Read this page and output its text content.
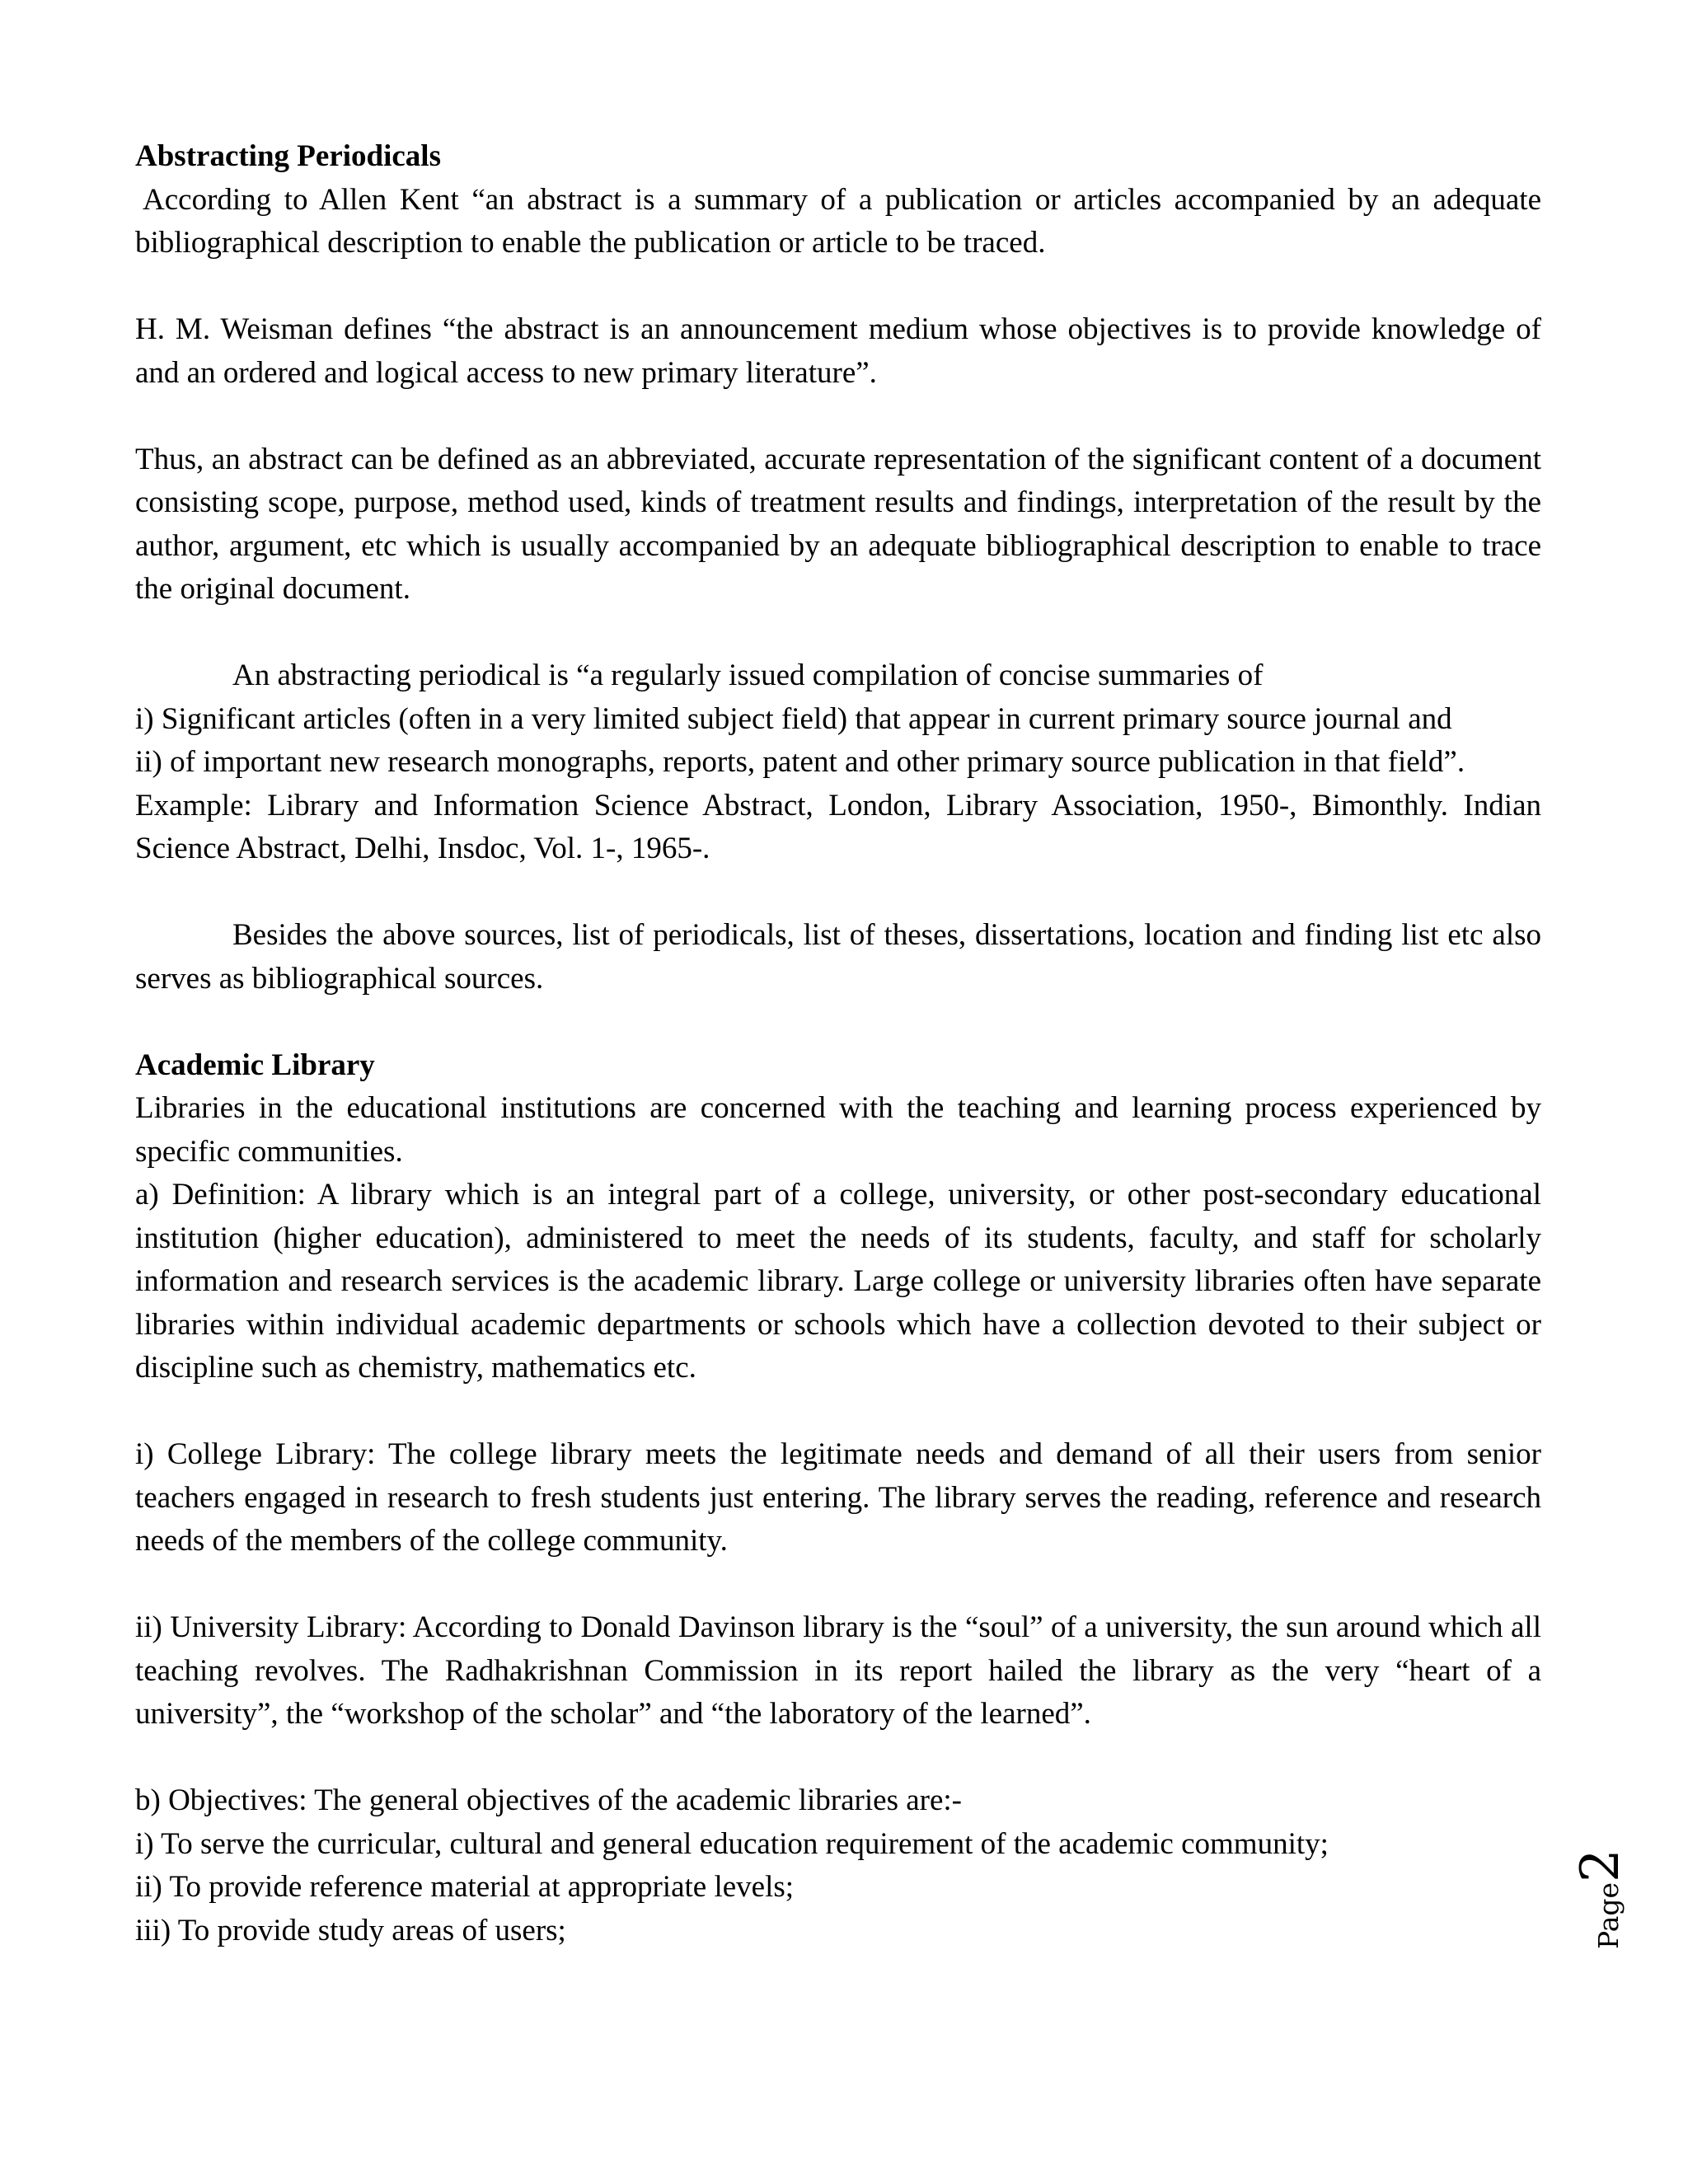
Abstracting Periodicals

According to Allen Kent “an abstract is a summary of a publication or articles accompanied by an adequate bibliographical description to enable the publication or article to be traced.

H. M. Weisman defines “the abstract is an announcement medium whose objectives is to provide knowledge of and an ordered and logical access to new primary literature”.

Thus, an abstract can be defined as an abbreviated, accurate representation of the significant content of a document consisting scope, purpose, method used, kinds of treatment results and findings, interpretation of the result by the author, argument, etc which is usually accompanied by an adequate bibliographical description to enable to trace the original document.

An abstracting periodical is “a regularly issued compilation of concise summaries of

i) Significant articles (often in a very limited subject field) that appear in current primary source journal and

ii) of important new research monographs, reports, patent and other primary source publication in that field”.

Example: Library and Information Science Abstract, London, Library Association, 1950-, Bimonthly. Indian Science Abstract, Delhi, Insdoc, Vol. 1-, 1965-.

Besides the above sources, list of periodicals, list of theses, dissertations, location and finding list etc also serves as bibliographical sources.

Academic Library

Libraries in the educational institutions are concerned with the teaching and learning process experienced by specific communities.

a) Definition: A library which is an integral part of a college, university, or other post-secondary educational institution (higher education), administered to meet the needs of its students, faculty, and staff for scholarly information and research services is the academic library. Large college or university libraries often have separate libraries within individual academic departments or schools which have a collection devoted to their subject or discipline such as chemistry, mathematics etc.

i) College Library: The college library meets the legitimate needs and demand of all their users from senior teachers engaged in research to fresh students just entering. The library serves the reading, reference and research needs of the members of the college community.

ii) University Library: According to Donald Davinson library is the “soul” of a university, the sun around which all teaching revolves. The Radhakrishnan Commission in its report hailed the library as the very “heart of a university”, the “workshop of the scholar” and “the laboratory of the learned”.

b) Objectives: The general objectives of the academic libraries are:-

i) To serve the curricular, cultural and general education requirement of the academic community;

ii) To provide reference material at appropriate levels;

iii) To provide study areas of users;	Page2
